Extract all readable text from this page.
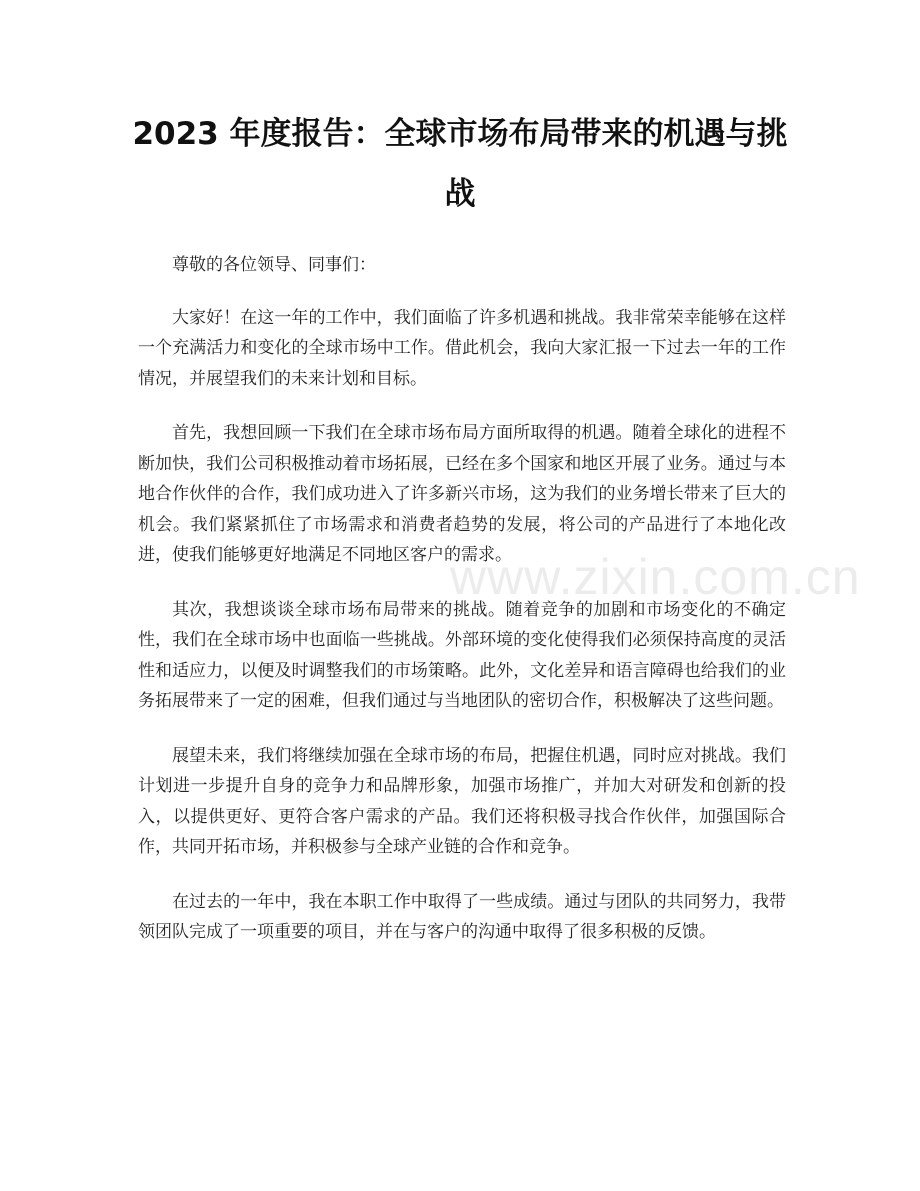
2023 年度报告：全球市场布局带来的机遇与挑战

尊敬的各位领导、同事们：

大家好！在这一年的工作中，我们面临了许多机遇和挑战。我非常荣幸能够在这样一个充满活力和变化的全球市场中工作。借此机会，我向大家汇报一下过去一年的工作情况，并展望我们的未来计划和目标。

首先，我想回顾一下我们在全球市场布局方面所取得的机遇。随着全球化的进程不断加快，我们公司积极推动着市场拓展，已经在多个国家和地区开展了业务。通过与本地合作伙伴的合作，我们成功进入了许多新兴市场，这为我们的业务增长带来了巨大的机会。我们紧紧抓住了市场需求和消费者趋势的发展，将公司的产品进行了本地化改进，使我们能够更好地满足不同地区客户的需求。

其次，我想谈谈全球市场布局带来的挑战。随着竞争的加剧和市场变化的不确定性，我们在全球市场中也面临一些挑战。外部环境的变化使得我们必须保持高度的灵活性和适应力，以便及时调整我们的市场策略。此外，文化差异和语言障碍也给我们的业务拓展带来了一定的困难，但我们通过与当地团队的密切合作，积极解决了这些问题。

展望未来，我们将继续加强在全球市场的布局，把握住机遇，同时应对挑战。我们计划进一步提升自身的竞争力和品牌形象，加强市场推广，并加大对研发和创新的投入，以提供更好、更符合客户需求的产品。我们还将积极寻找合作伙伴，加强国际合作，共同开拓市场，并积极参与全球产业链的合作和竞争。

在过去的一年中，我在本职工作中取得了一些成绩。通过与团队的共同努力，我带领团队完成了一项重要的项目，并在与客户的沟通中取得了很多积极的反馈。

www.zixin.com.cn
